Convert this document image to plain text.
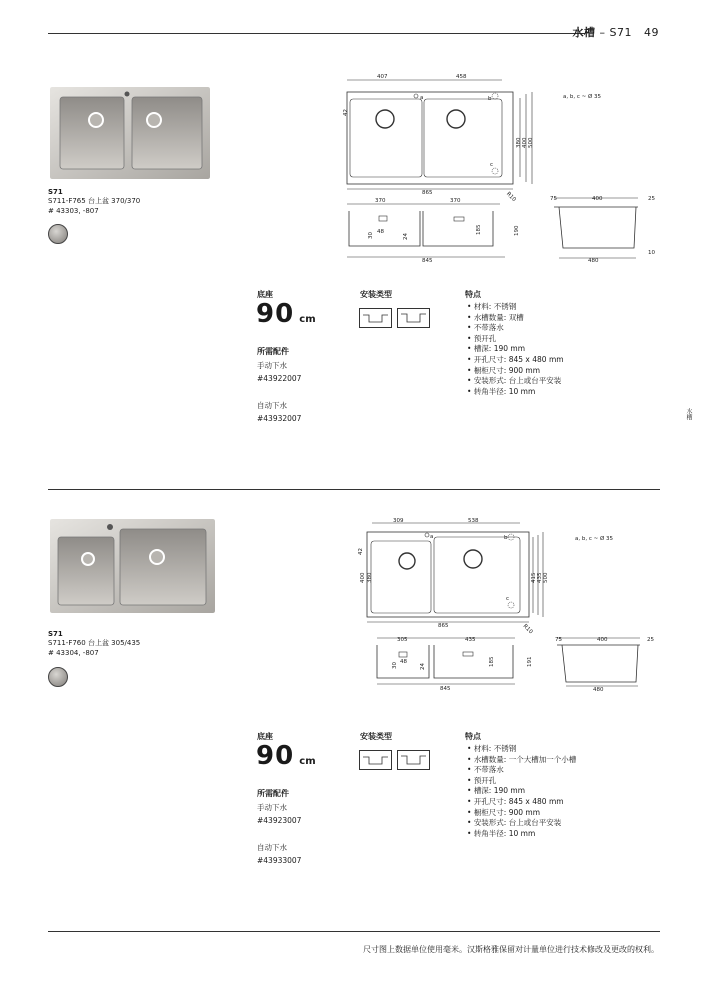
水槽 – S71 49
S71
S711-F765 台上盆 370/370
# 43303, -807
407	458
42
380 400 500
865	R10
a	b
c
a, b, c ~ Ø 35
370	370
30 48
24
185	190
845
75	400	25
10
480
底座
90 cm
所需配件
手动下水
#43922007
自动下水
#43932007
安装类型	特点
• 材料: 不锈钢
• 水槽数量: 双槽
• 不带落水
• 预开孔
• 槽深: 190 mm
• 开孔尺寸: 845 x 480 mm
• 橱柜尺寸: 900 mm
• 安装形式: 台上或台平安装
• 转角半径: 10 mm
水槽
S71
S711-F760 台上盆 305/435
# 43304, -807
309	538
42
400 380	415 435 500
865	R10
a	b
c
a, b, c ~ Ø 35
305	435
30 48
24	185	191
845
75	400	25
480
底座
90 cm
所需配件
手动下水
#43923007
自动下水
#43933007
安装类型	特点
• 材料: 不锈钢
• 水槽数量: 一个大槽加一个小槽
• 不带落水
• 预开孔
• 槽深: 190 mm
• 开孔尺寸: 845 x 480 mm
• 橱柜尺寸: 900 mm
• 安装形式: 台上或台平安装
• 转角半径: 10 mm
尺寸图上数据单位使用毫米。汉斯格雅保留对计量单位进行技术修改及更改的权利。
